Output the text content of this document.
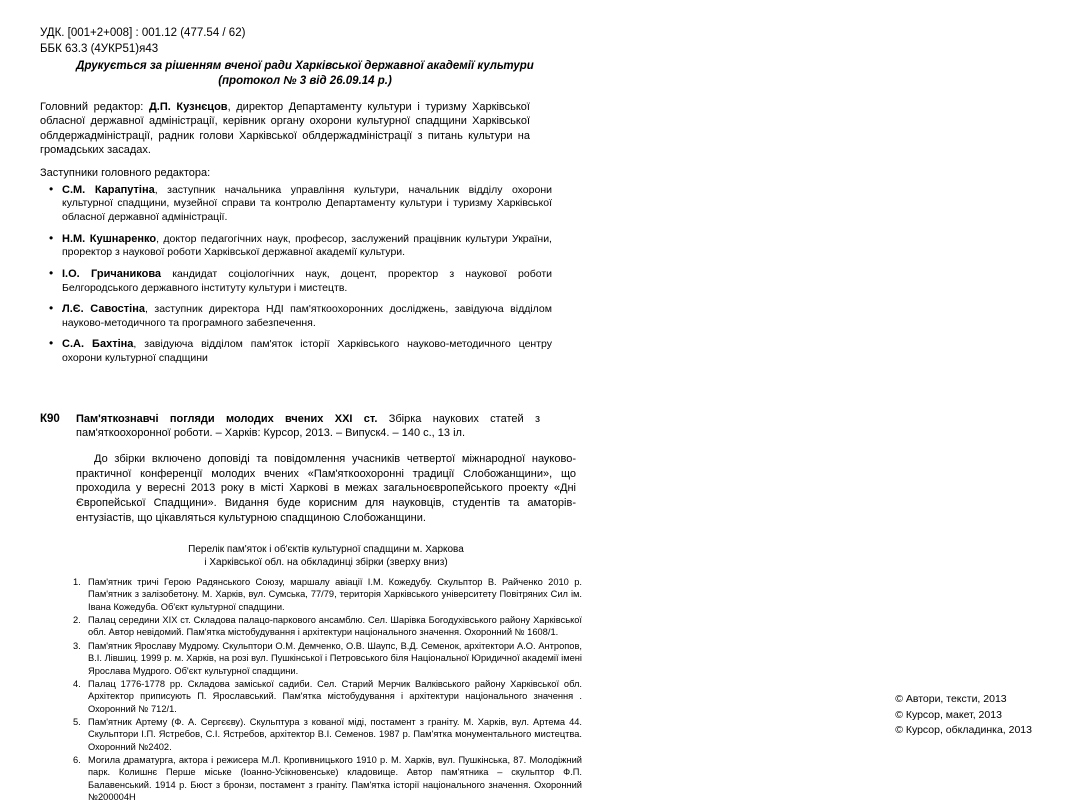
УДК. [001+2+008] : 001.12 (477.54 / 62)
ББК 63.3 (4УКР51)я43
Друкується за рішенням вченої ради Харківської державної академії культури
(протокол № 3 від 26.09.14 р.)
Головний редактор: Д.П. Кузнєцов, директор Департаменту культури і туризму Харківської обласної державної адміністрації, керівник органу охорони культурної спадщини Харківської облдержадміністрації, радник голови Харківської облдержадміністрації з питань культури на громадських засадах.
Заступники головного редактора:
• С.М. Карапутіна, заступник начальника управління культури, начальник відділу охорони культурної спадщини, музейної справи та контролю Департаменту культури і туризму Харківської обласної державної адміністрації.
• Н.М. Кушнаренко, доктор педагогічних наук, професор, заслужений працівник культури України, проректор з наукової роботи Харківської державної академії культури.
• І.О. Гричаникова кандидат соціологічних наук, доцент, проректор з наукової роботи Белгородського державного інституту культури і мистецтв.
• Л.Є. Савостіна, заступник директора НДІ пам'яткоохоронних досліджень, завідуюча відділом науково-методичного та програмного забезпечення.
• С.А. Бахтіна, завідуюча відділом пам'яток історії Харківського науково-методичного центру охорони культурної спадщини
К90	Пам'яткознавчі погляди молодих вчених XXI ст. Збірка наукових статей з пам'яткоохоронної роботи. – Харків: Курсор, 2013. – Випуск4. – 140 с., 13 іл.
До збірки включено доповіді та повідомлення учасників четвертої міжнародної науково-практичної конференції молодих вчених «Пам'яткоохоронні традиції Слобожанщини», що проходила у вересні 2013 року в місті Харкові в межах загальноєвропейського проекту «Дні Європейської Спадщини». Видання буде корисним для науковців, студентів та аматорів-ентузіастів, що цікавляться культурною спадщиною Слобожанщини.
Перелік пам'яток і об'єктів культурної спадщини м. Харкова
і Харківської обл. на обкладинці збірки (зверху вниз)
Пам'ятник тричі Герою Радянського Союзу, маршалу авіації І.М. Кожедубу. Скульптор В. Райченко 2010 р. Пам'ятник з залізобетону. М. Харків, вул. Сумська, 77/79, територія Харківського університету Повітряних Сил ім. Івана Кожедуба. Об'єкт культурної спадщини.
Палац середини XIX ст. Складова палацо-паркового ансамблю. Сел. Шарівка Богодухівського району Харківської обл. Автор невідомий. Пам'ятка містобудування і архітектури національного значення. Охоронний № 1608/1.
Пам'ятник Ярославу Мудрому. Скульптори О.М. Демченко, О.В. Шаупс, В.Д. Семенок, архітектори А.О. Антропов, В.І. Лівшиц. 1999 р. м. Харків, на розі вул. Пушкінської і Петровського біля Національної Юридичної академії імені Ярослава Мудрого. Об'єкт культурної спадщини.
Палац 1776-1778 рр. Складова заміської садиби. Сел. Старий Мерчик Валківського району Харківської обл. Архітектор приписують П. Ярославський. Пам'ятка містобудування і архітектури національного значення . Охоронний № 712/1.
Пам'ятник Артему (Ф. А. Сергєєву). Скульптура з кованої міді, постамент з граніту. М. Харків, вул. Артема 44. Скульптори І.П. Ястребов, С.І. Ястребов, архітектор В.І. Семенов. 1987 р. Пам'ятка монументального мистецтва. Охоронний №2402.
Могила драматурга, актора і режисера М.Л. Кропивницького 1910 р. М. Харків, вул. Пушкінська, 87. Молодіжний парк. Колишнє Перше міське (Іоанно-Усікновенське) кладовище. Автор пам'ятника – скульптор Ф.П. Балавенський. 1914 р. Бюст з бронзи, постамент з граніту. Пам'ятка історії національного значення. Охоронний №200004Н
© Автори, тексти, 2013
© Курсор, макет, 2013
© Курсор, обкладинка, 2013
